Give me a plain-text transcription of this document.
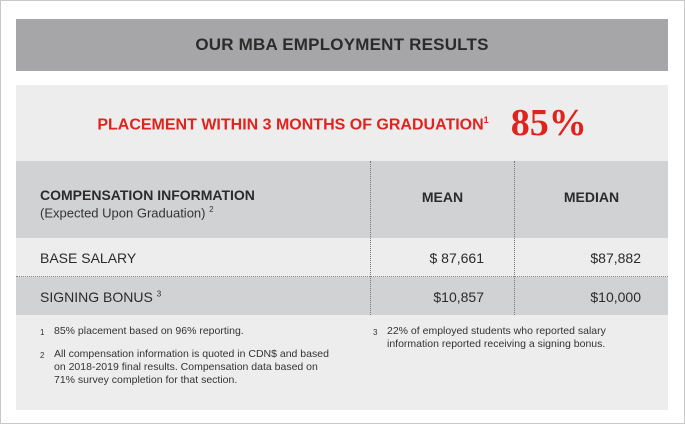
OUR MBA EMPLOYMENT RESULTS
PLACEMENT WITHIN 3 MONTHS OF GRADUATION$^1$ 85%
COMPENSATION INFORMATION
(Expected Upon Graduation) $^2$
MEAN	MEDIAN
BASE SALARY	$ 87,661	$87,882
SIGNING BONUS $^3$	$10,857	$10,000
1 85% placement based on 96% reporting.
2 All compensation information is quoted in CDN$ and based on 2018-2019 final results. Compensation data based on 71% survey completion for that section.
3 22% of employed students who reported salary information reported receiving a signing bonus.
